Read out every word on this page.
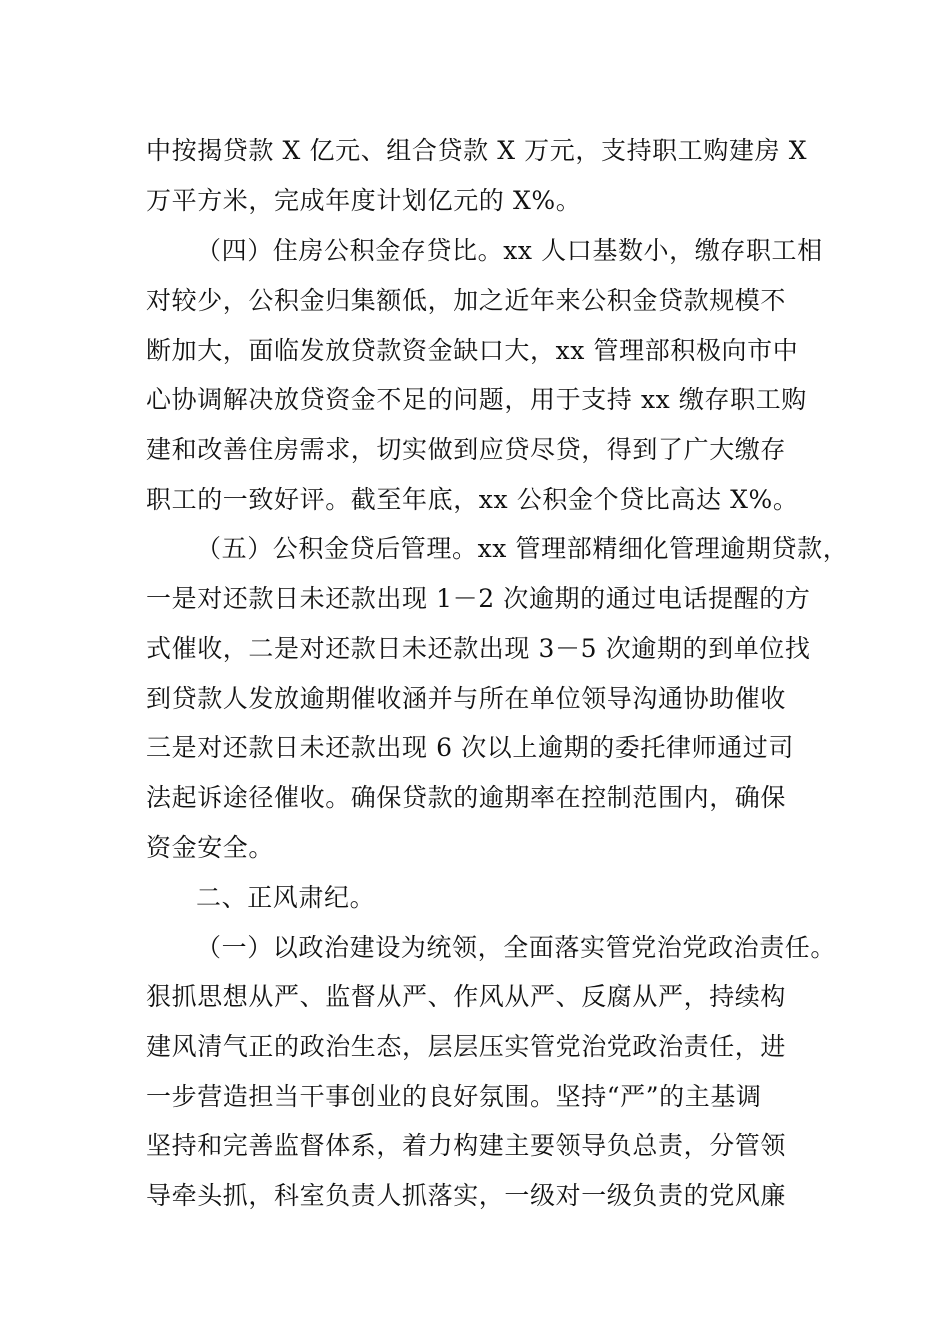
中按揭贷款 X 亿元、组合贷款 X 万元，支持职工购建房 X
万平方米，完成年度计划亿元的 X%。
（四）住房公积金存贷比。xx 人口基数小，缴存职工相
对较少，公积金归集额低，加之近年来公积金贷款规模不
断加大，面临发放贷款资金缺口大，xx 管理部积极向市中
心协调解决放贷资金不足的问题，用于支持 xx 缴存职工购
建和改善住房需求，切实做到应贷尽贷，得到了广大缴存
职工的一致好评。截至年底，xx 公积金个贷比高达 X%。
（五）公积金贷后管理。xx 管理部精细化管理逾期贷款，
一是对还款日未还款出现 1－2 次逾期的通过电话提醒的方
式催收，二是对还款日未还款出现 3－5 次逾期的到单位找
到贷款人发放逾期催收涵并与所在单位领导沟通协助催收
三是对还款日未还款出现 6 次以上逾期的委托律师通过司
法起诉途径催收。确保贷款的逾期率在控制范围内，确保
资金安全。
二、正风肃纪。
（一）以政治建设为统领，全面落实管党治党政治责任。
狠抓思想从严、监督从严、作风从严、反腐从严，持续构
建风清气正的政治生态，层层压实管党治党政治责任，进
一步营造担当干事创业的良好氛围。坚持“严”的主基调
坚持和完善监督体系，着力构建主要领导负总责，分管领
导牵头抓，科室负责人抓落实，一级对一级负责的党风廉
